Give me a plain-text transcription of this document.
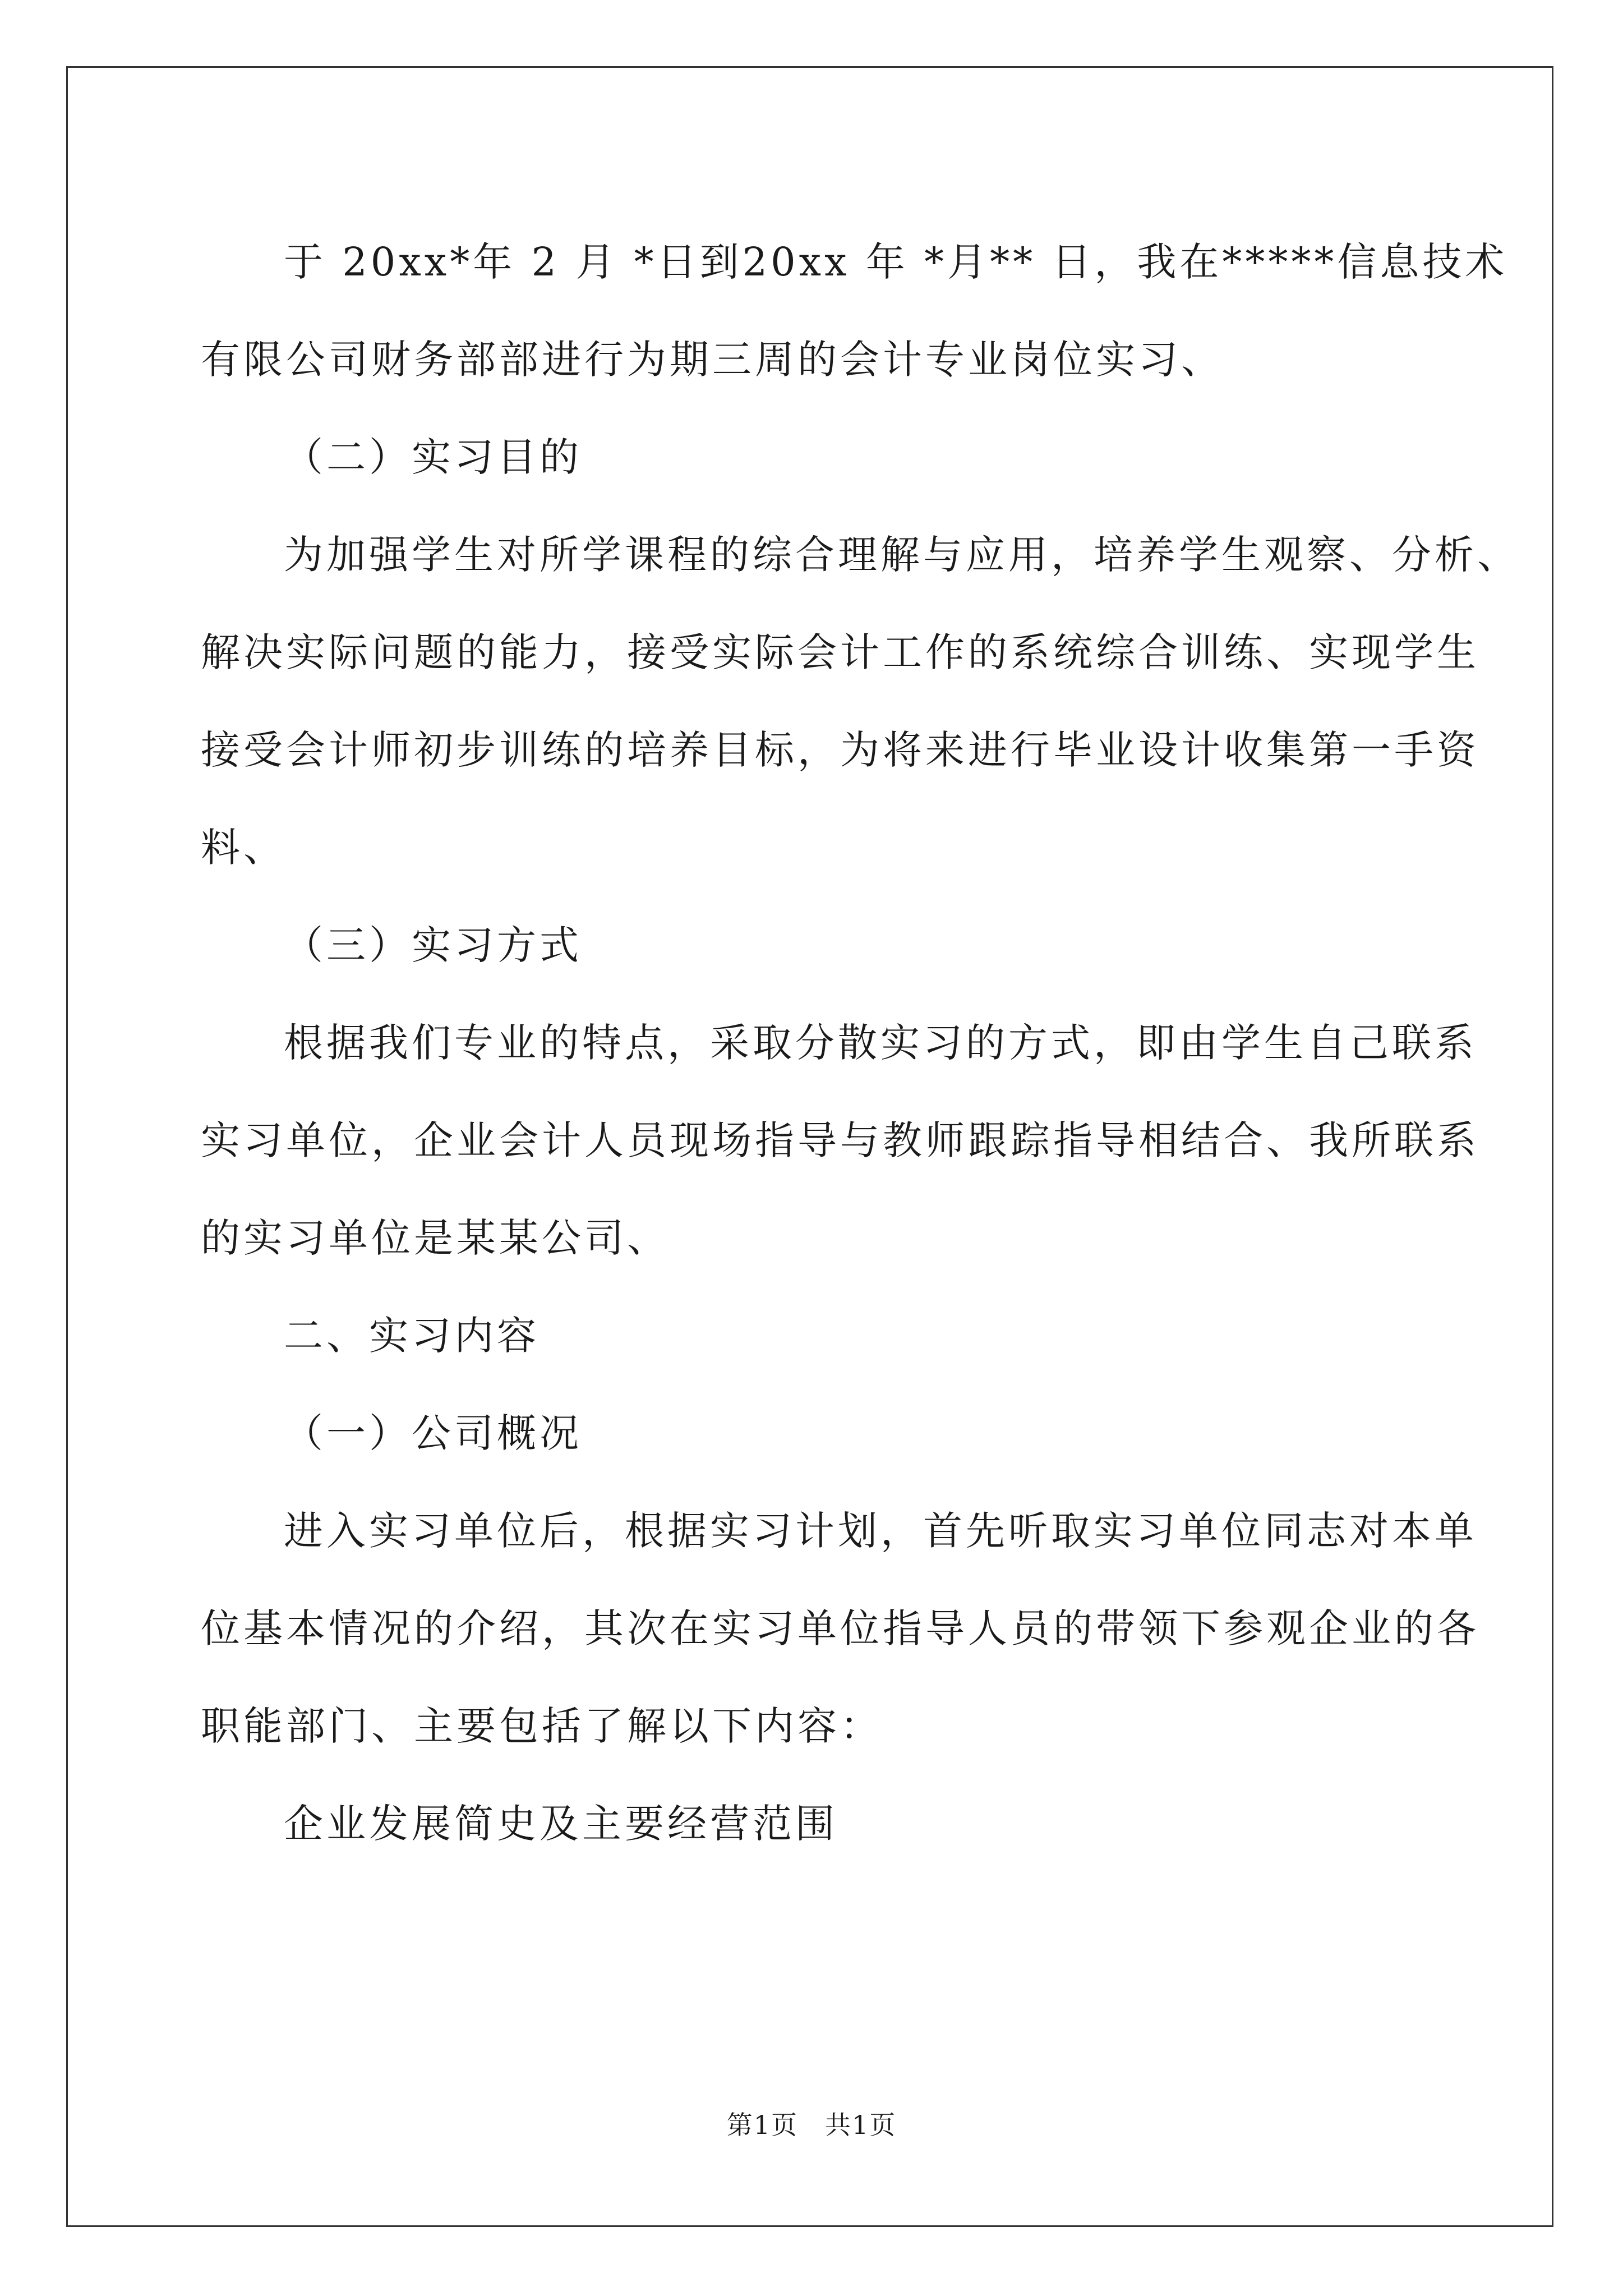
于 20xx*年 2 月 *日到20xx 年 *月** 日，我在*****信息技术

有限公司财务部部进行为期三周的会计专业岗位实习、

（二）实习目的

为加强学生对所学课程的综合理解与应用，培养学生观察、分析、

解决实际问题的能力，接受实际会计工作的系统综合训练、实现学生

接受会计师初步训练的培养目标，为将来进行毕业设计收集第一手资

料、

（三）实习方式

根据我们专业的特点，采取分散实习的方式，即由学生自己联系

实习单位，企业会计人员现场指导与教师跟踪指导相结合、我所联系

的实习单位是某某公司、

二、实习内容

（一）公司概况

进入实习单位后，根据实习计划，首先听取实习单位同志对本单

位基本情况的介绍，其次在实习单位指导人员的带领下参观企业的各

职能部门、主要包括了解以下内容：

企业发展简史及主要经营范围

第1页 共1页
